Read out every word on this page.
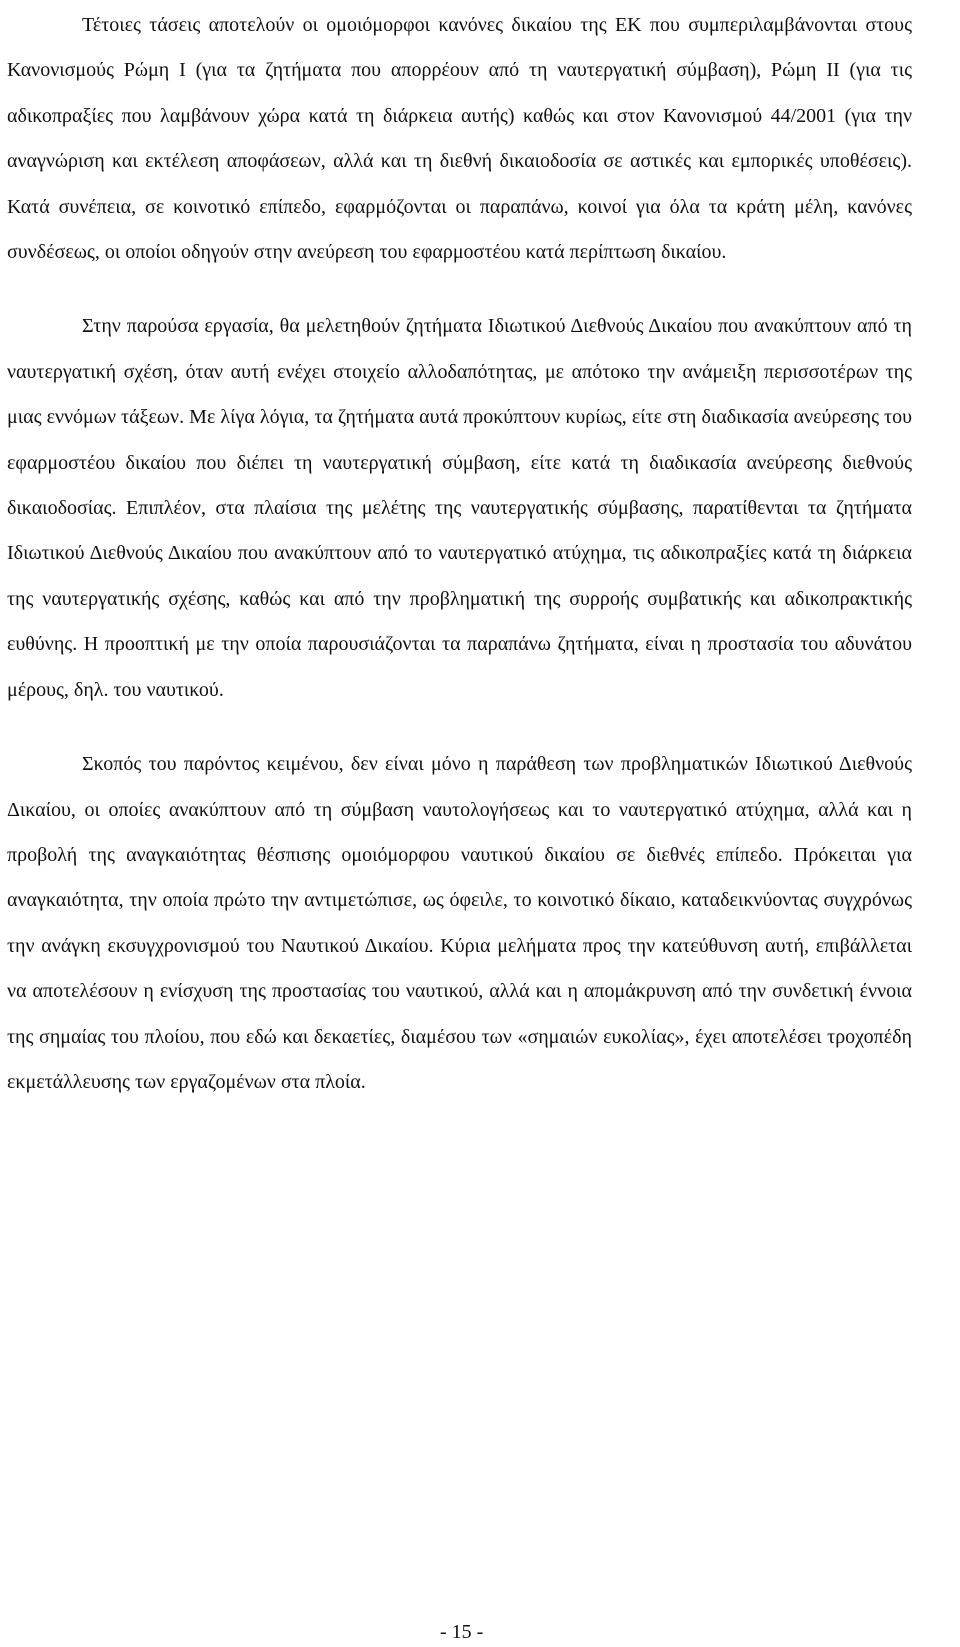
Τέτοιες τάσεις αποτελούν οι ομοιόμορφοι κανόνες δικαίου της ΕΚ που συμπεριλαμβάνονται στους Κανονισμούς Ρώμη Ι (για τα ζητήματα που απορρέουν από τη ναυτεργατική σύμβαση), Ρώμη ΙΙ (για τις αδικοπραξίες που λαμβάνουν χώρα κατά τη διάρκεια αυτής) καθώς και στον Κανονισμού 44/2001 (για την αναγνώριση και εκτέλεση αποφάσεων, αλλά και τη διεθνή δικαιοδοσία σε αστικές και εμπορικές υποθέσεις). Κατά συνέπεια, σε κοινοτικό επίπεδο, εφαρμόζονται οι παραπάνω, κοινοί για όλα τα κράτη μέλη, κανόνες συνδέσεως, οι οποίοι οδηγούν στην ανεύρεση του εφαρμοστέου κατά περίπτωση δικαίου.

Στην παρούσα εργασία, θα μελετηθούν ζητήματα Ιδιωτικού Διεθνούς Δικαίου που ανακύπτουν από τη ναυτεργατική σχέση, όταν αυτή ενέχει στοιχείο αλλοδαπότητας, με απότοκο την ανάμειξη περισσοτέρων της μιας εννόμων τάξεων. Με λίγα λόγια, τα ζητήματα αυτά προκύπτουν κυρίως, είτε στη διαδικασία ανεύρεσης του εφαρμοστέου δικαίου που διέπει τη ναυτεργατική σύμβαση, είτε κατά τη διαδικασία ανεύρεσης διεθνούς δικαιοδοσίας. Επιπλέον, στα πλαίσια της μελέτης της ναυτεργατικής σύμβασης, παρατίθενται τα ζητήματα Ιδιωτικού Διεθνούς Δικαίου που ανακύπτουν από το ναυτεργατικό ατύχημα, τις αδικοπραξίες κατά τη διάρκεια της ναυτεργατικής σχέσης, καθώς και από την προβληματική της συρροής συμβατικής και αδικοπρακτικής ευθύνης. Η προοπτική με την οποία παρουσιάζονται τα παραπάνω ζητήματα, είναι η προστασία του αδυνάτου μέρους, δηλ. του ναυτικού.

Σκοπός του παρόντος κειμένου, δεν είναι μόνο η παράθεση των προβληματικών Ιδιωτικού Διεθνούς Δικαίου, οι οποίες ανακύπτουν από τη σύμβαση ναυτολογήσεως και το ναυτεργατικό ατύχημα, αλλά και η προβολή της αναγκαιότητας θέσπισης ομοιόμορφου ναυτικού δικαίου σε διεθνές επίπεδο. Πρόκειται για αναγκαιότητα, την οποία πρώτο την αντιμετώπισε, ως όφειλε, το κοινοτικό δίκαιο, καταδεικνύοντας συγχρόνως την ανάγκη εκσυγχρονισμού του Ναυτικού Δικαίου. Κύρια μελήματα προς την κατεύθυνση αυτή, επιβάλλεται να αποτελέσουν η ενίσχυση της προστασίας του ναυτικού, αλλά και η απομάκρυνση από την συνδετική έννοια της σημαίας του πλοίου, που εδώ και δεκαετίες, διαμέσου των «σημαιών ευκολίας», έχει αποτελέσει τροχοπέδη εκμετάλλευσης των εργαζομένων στα πλοία.

- 15 -
